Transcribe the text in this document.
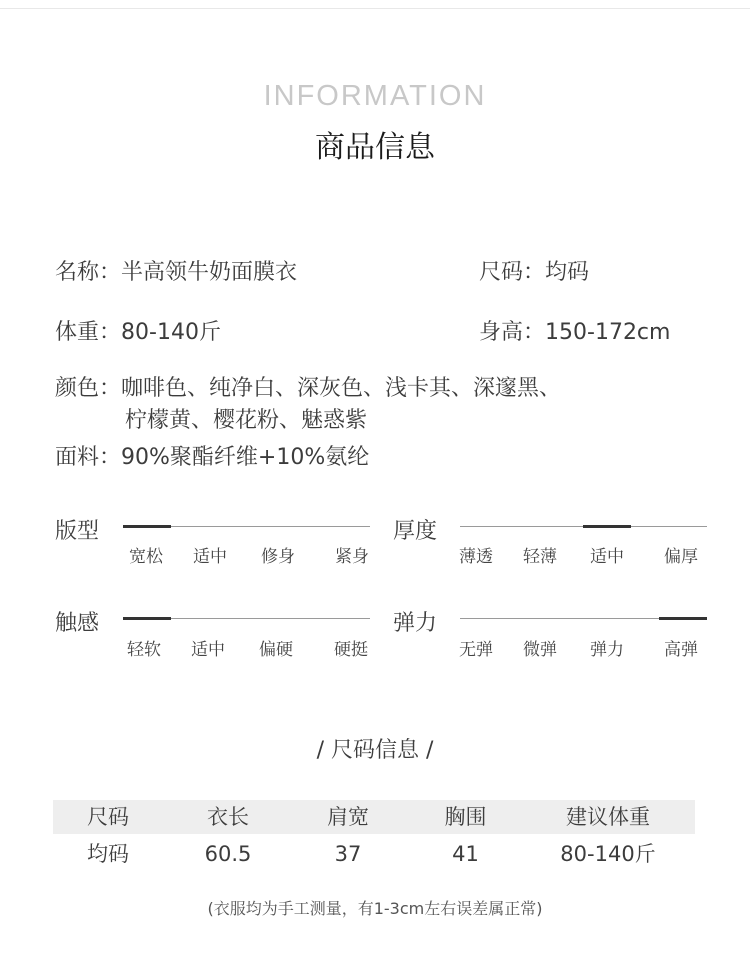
INFORMATION
商品信息
名称：半高领牛奶面膜衣	尺码：均码
体重：80-140斤	身高：150-172cm
颜色：咖啡色、纯净白、深灰色、浅卡其、深邃黑、
柠檬黄、樱花粉、魅惑紫
面料：90%聚酯纤维+10%氨纶
版型
宽松	适中	修身	紧身
厚度
薄透	轻薄	适中	偏厚
触感
轻软	适中	偏硬	硬挺
弹力
无弹	微弹	弹力	高弹
/ 尺码信息 /
尺码	衣长	肩宽	胸围	建议体重
均码	60.5	37	41	80-140斤
(衣服均为手工测量，有1-3cm左右误差属正常)
